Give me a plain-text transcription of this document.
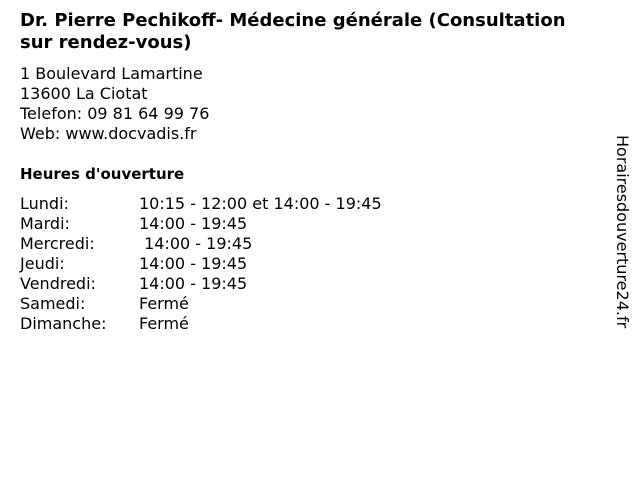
Dr. Pierre Pechikoff- Médecine générale (Consultation sur rendez-vous)
1 Boulevard Lamartine
13600 La Ciotat
Telefon: 09 81 64 99 76
Web: www.docvadis.fr
Heures d'ouverture
Lundi:	10:15 - 12:00 et 14:00 - 19:45
Mardi:	14:00 - 19:45
Mercredi:	14:00 - 19:45
Jeudi:	14:00 - 19:45
Vendredi:	14:00 - 19:45
Samedi:	Fermé
Dimanche:	Fermé	Horairesdouverture24.fr
